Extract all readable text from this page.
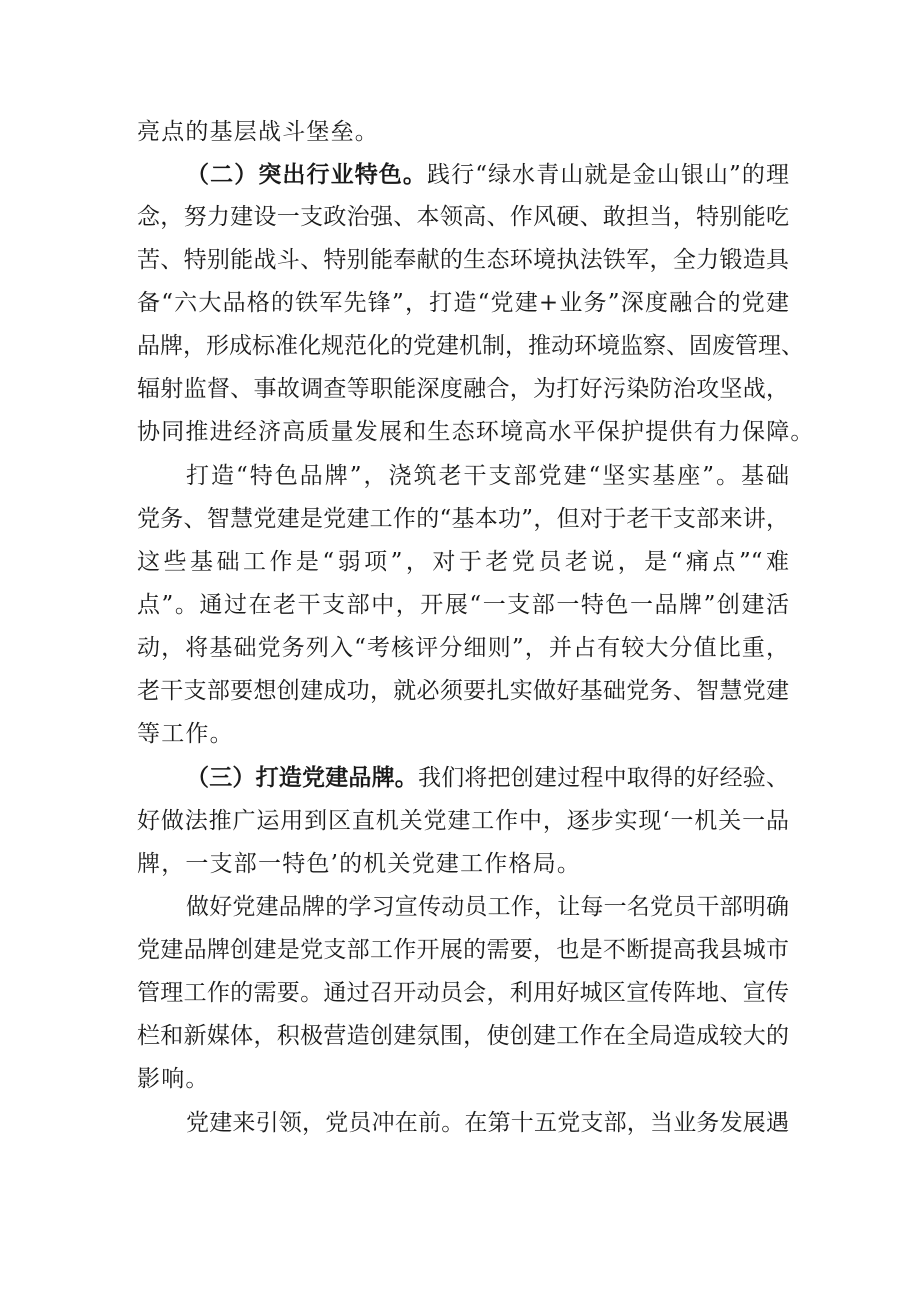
亮点的基层战斗堡垒。

（二）突出行业特色。践行“绿水青山就是金山银山”的理

念，努力建设一支政治强、本领高、作风硬、敢担当，特别能吃

苦、特别能战斗、特别能奉献的生态环境执法铁军，全力锻造具

备“六大品格的铁军先锋”，打造“党建+业务”深度融合的党建

品牌，形成标准化规范化的党建机制，推动环境监察、固废管理、

辐射监督、事故调查等职能深度融合，为打好污染防治攻坚战，

协同推进经济高质量发展和生态环境高水平保护提供有力保障。

打造“特色品牌”，浇筑老干支部党建“坚实基座”。基础

党务、智慧党建是党建工作的“基本功”，但对于老干支部来讲，

这些基础工作是“弱项”，对于老党员老说，是“痛点”“难

点”。通过在老干支部中，开展“一支部一特色一品牌”创建活

动，将基础党务列入“考核评分细则”，并占有较大分值比重，

老干支部要想创建成功，就必须要扎实做好基础党务、智慧党建

等工作。

（三）打造党建品牌。我们将把创建过程中取得的好经验、

好做法推广运用到区直机关党建工作中，逐步实现‘一机关一品

牌，一支部一特色’的机关党建工作格局。

做好党建品牌的学习宣传动员工作，让每一名党员干部明确

党建品牌创建是党支部工作开展的需要，也是不断提高我县城市

管理工作的需要。通过召开动员会，利用好城区宣传阵地、宣传

栏和新媒体，积极营造创建氛围，使创建工作在全局造成较大的

影响。

党建来引领，党员冲在前。在第十五党支部，当业务发展遇
